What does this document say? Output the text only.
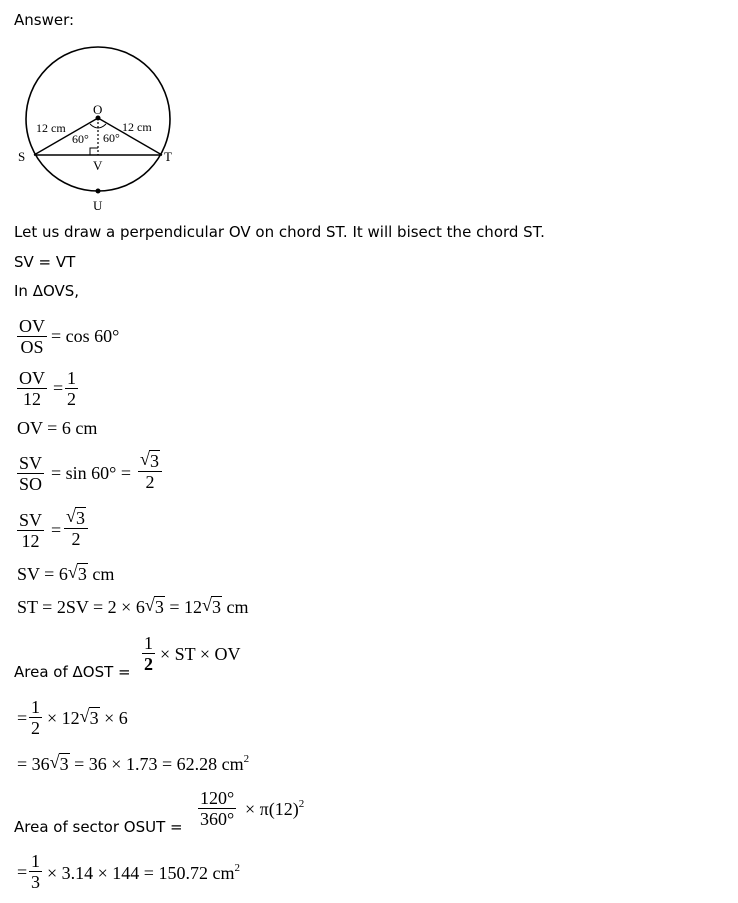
Answer:
O
S	T
V
U
12 cm	12 cm
60° 60°
Let us draw a perpendicular OV on chord ST. It will bisect the chord ST.
SV = VT
In ΔOVS,
$\frac{OV}{OS} = \cos 60^\circ$
$\frac{OV}{12} = \frac{1}{2}$
OV = 6 cm
$\frac{SV}{SO} = \sin 60^\circ = \frac{√ 3}{2}$
$\frac{SV}{12} = \frac{√ 3}{2}$
SV = 6 √ 3 cm
ST = 2SV = 2 × 6 √ 3 = 12 √ 3 cm
Area of $\Delta OST = \frac{1}{2}$ × ST × OV
= $\frac{1}{2} \times 12$ √ 3 × 6
= 36 √ 3 = 36 × 1.73 = 62.28 $cm^2$
Area of sector OSUT = $\frac{120^\circ}{360^\circ} \times \pi(12)^2$
= $\frac{1}{3} \times 3.14 \times 144 = 150.72$ $cm^2$
